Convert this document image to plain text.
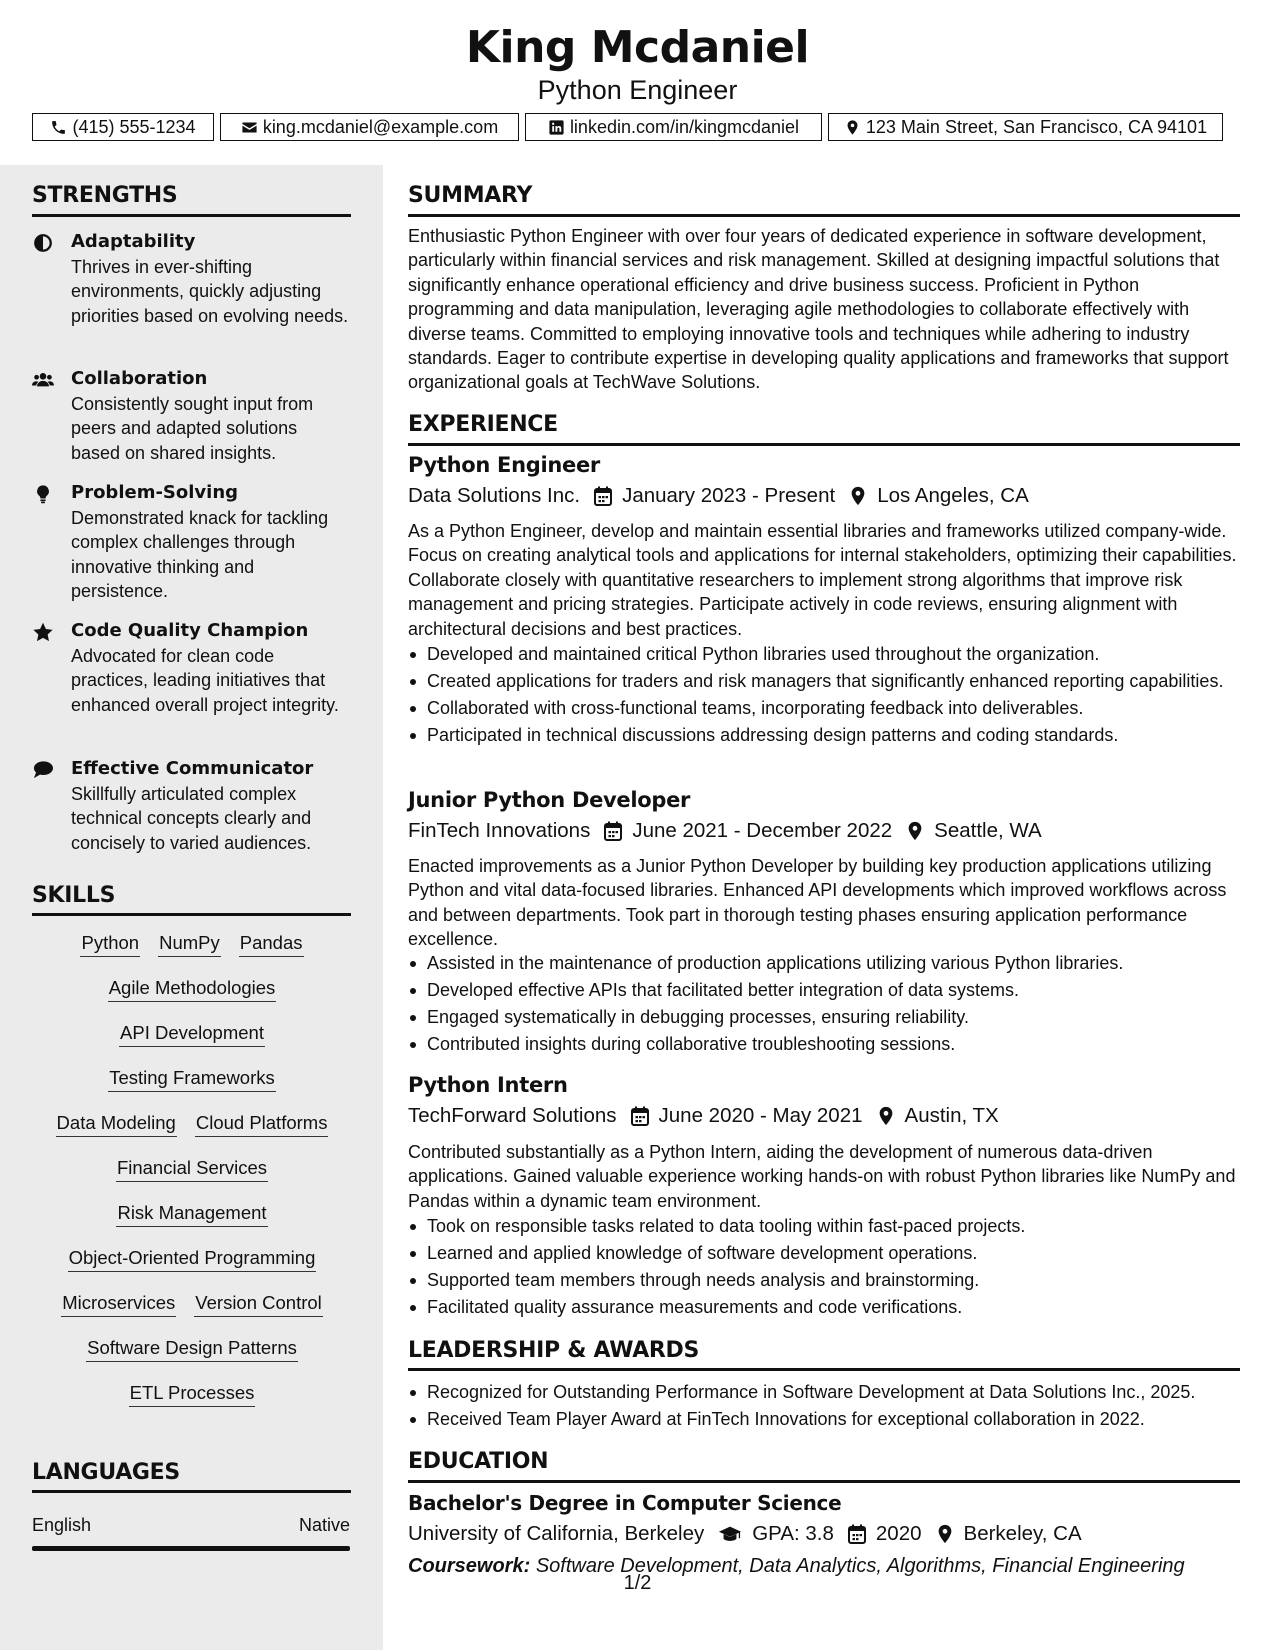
King Mcdaniel
Python Engineer
(415) 555-1234	king.mcdaniel@example.com	linkedin.com/in/kingmcdaniel	123 Main Street, San Francisco, CA 94101
STRENGTHS
Adaptability
Thrives in ever-shifting environments, quickly adjusting priorities based on evolving needs.
Collaboration
Consistently sought input from peers and adapted solutions based on shared insights.
Problem-Solving
Demonstrated knack for tackling complex challenges through innovative thinking and persistence.
Code Quality Champion
Advocated for clean code practices, leading initiatives that enhanced overall project integrity.
Effective Communicator
Skillfully articulated complex technical concepts clearly and concisely to varied audiences.
SKILLS
Python NumPy Pandas
Agile Methodologies
API Development
Testing Frameworks
Data Modeling Cloud Platforms
Financial Services
Risk Management
Object-Oriented Programming
Microservices Version Control
Software Design Patterns
ETL Processes
LANGUAGES
English	Native
SUMMARY
Enthusiastic Python Engineer with over four years of dedicated experience in software development, particularly within financial services and risk management. Skilled at designing impactful solutions that significantly enhance operational efficiency and drive business success. Proficient in Python programming and data manipulation, leveraging agile methodologies to collaborate effectively with diverse teams. Committed to employing innovative tools and techniques while adhering to industry standards. Eager to contribute expertise in developing quality applications and frameworks that support organizational goals at TechWave Solutions.
EXPERIENCE
Python Engineer
Data Solutions Inc. January 2023 - Present Los Angeles, CA
As a Python Engineer, develop and maintain essential libraries and frameworks utilized company-wide. Focus on creating analytical tools and applications for internal stakeholders, optimizing their capabilities. Collaborate closely with quantitative researchers to implement strong algorithms that improve risk management and pricing strategies. Participate actively in code reviews, ensuring alignment with architectural decisions and best practices.
Developed and maintained critical Python libraries used throughout the organization.
Created applications for traders and risk managers that significantly enhanced reporting capabilities.
Collaborated with cross-functional teams, incorporating feedback into deliverables.
Participated in technical discussions addressing design patterns and coding standards.
Junior Python Developer
FinTech Innovations June 2021 - December 2022 Seattle, WA
Enacted improvements as a Junior Python Developer by building key production applications utilizing Python and vital data-focused libraries. Enhanced API developments which improved workflows across and between departments. Took part in thorough testing phases ensuring application performance excellence.
Assisted in the maintenance of production applications utilizing various Python libraries.
Developed effective APIs that facilitated better integration of data systems.
Engaged systematically in debugging processes, ensuring reliability.
Contributed insights during collaborative troubleshooting sessions.
Python Intern
TechForward Solutions June 2020 - May 2021 Austin, TX
Contributed substantially as a Python Intern, aiding the development of numerous data-driven applications. Gained valuable experience working hands-on with robust Python libraries like NumPy and Pandas within a dynamic team environment.
Took on responsible tasks related to data tooling within fast-paced projects.
Learned and applied knowledge of software development operations.
Supported team members through needs analysis and brainstorming.
Facilitated quality assurance measurements and code verifications.
LEADERSHIP & AWARDS
Recognized for Outstanding Performance in Software Development at Data Solutions Inc., 2025.
Received Team Player Award at FinTech Innovations for exceptional collaboration in 2022.
EDUCATION
Bachelor's Degree in Computer Science
University of California, Berkeley GPA: 3.8 2020 Berkeley, CA
Coursework: Software Development, Data Analytics, Algorithms, Financial Engineering
1/2
